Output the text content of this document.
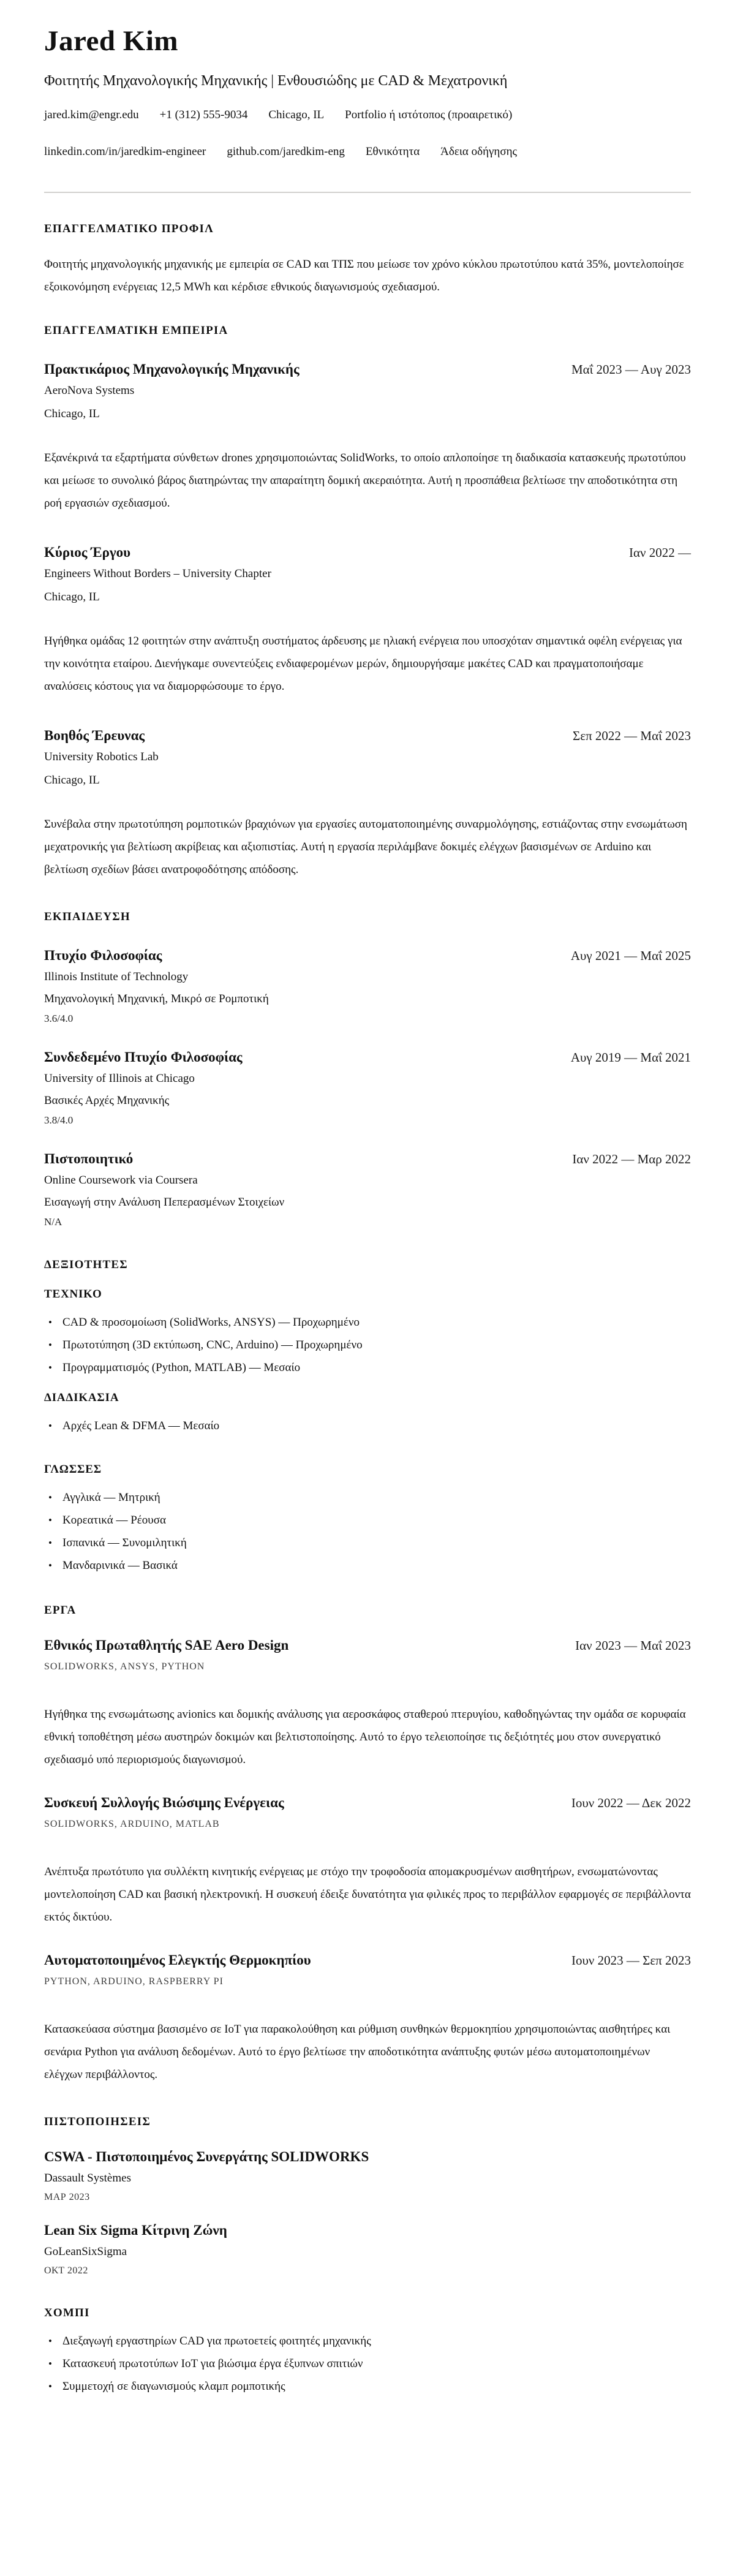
Jared Kim

Φοιτητής Μηχανολογικής Μηχανικής | Ενθουσιώδης με CAD & Μεχατρονική

jared.kim@engr.edu +1 (312) 555-9034 Chicago, IL Portfolio ή ιστότοπος (προαιρετικό)
linkedin.com/in/jaredkim-engineer github.com/jaredkim-eng Εθνικότητα Άδεια οδήγησης
ΕΠΑΓΓΕΛΜΑΤΙΚΟ ΠΡΟΦΙΛ

Φοιτητής μηχανολογικής μηχανικής με εμπειρία σε CAD και ΤΠΣ που μείωσε τον χρόνο κύκλου πρωτοτύπου κατά 35%, μοντελοποίησε εξοικονόμηση ενέργειας 12,5 MWh και κέρδισε εθνικούς διαγωνισμούς σχεδιασμού.

ΕΠΑΓΓΕΛΜΑΤΙΚΗ ΕΜΠΕΙΡΙΑ
Πρακτικάριος Μηχανολογικής Μηχανικής	Μαΐ 2023 — Αυγ 2023
AeroNova Systems
Chicago, IL

Εξανέκρινά τα εξαρτήματα σύνθετων drones χρησιμοποιώντας SolidWorks, το οποίο απλοποίησε τη διαδικασία κατασκευής πρωτοτύπου και μείωσε το συνολικό βάρος διατηρώντας την απαραίτητη δομική ακεραιότητα. Αυτή η προσπάθεια βελτίωσε την αποδοτικότητα στη ροή εργασιών σχεδιασμού.

Κύριος Έργου	Ιαν 2022 —
Engineers Without Borders – University Chapter
Chicago, IL

Ηγήθηκα ομάδας 12 φοιτητών στην ανάπτυξη συστήματος άρδευσης με ηλιακή ενέργεια που υποσχόταν σημαντικά οφέλη ενέργειας για την κοινότητα εταίρου. Διενήγκαμε συνεντεύξεις ενδιαφερομένων μερών, δημιουργήσαμε μακέτες CAD και πραγματοποιήσαμε αναλύσεις κόστους για να διαμορφώσουμε το έργο.

Βοηθός Έρευνας	Σεπ 2022 — Μαΐ 2023
University Robotics Lab
Chicago, IL

Συνέβαλα στην πρωτοτύπηση ρομποτικών βραχιόνων για εργασίες αυτοματοποιημένης συναρμολόγησης, εστιάζοντας στην ενσωμάτωση μεχατρονικής για βελτίωση ακρίβειας και αξιοπιστίας. Αυτή η εργασία περιλάμβανε δοκιμές ελέγχων βασισμένων σε Arduino και βελτίωση σχεδίων βάσει ανατροφοδότησης απόδοσης.

ΕΚΠΑΙΔΕΥΣΗ
Πτυχίο Φιλοσοφίας	Αυγ 2021 — Μαΐ 2025
Illinois Institute of Technology
Μηχανολογική Μηχανική, Μικρό σε Ρομποτική
3.6/4.0
Συνδεδεμένο Πτυχίο Φιλοσοφίας	Αυγ 2019 — Μαΐ 2021
University of Illinois at Chicago
Βασικές Αρχές Μηχανικής
3.8/4.0
Πιστοποιητικό	Ιαν 2022 — Μαρ 2022
Online Coursework via Coursera
Εισαγωγή στην Ανάλυση Πεπερασμένων Στοιχείων
N/A
ΔΕΞΙΟΤΗΤΕΣ
ΤΕΧΝΙΚΟ
• CAD & προσομοίωση (SolidWorks, ANSYS) — Προχωρημένο
• Πρωτοτύπηση (3D εκτύπωση, CNC, Arduino) — Προχωρημένο
• Προγραμματισμός (Python, MATLAB) — Μεσαίο
ΔΙΑΔΙΚΑΣΙΑ
• Αρχές Lean & DFMA — Μεσαίο
ΓΛΩΣΣΕΣ
• Αγγλικά — Μητρική
• Κορεατικά — Ρέουσα
• Ισπανικά — Συνομιλητική
• Μανδαρινικά — Βασικά
ΕΡΓΑ
Εθνικός Πρωταθλητής SAE Aero Design	Ιαν 2023 — Μαΐ 2023
SOLIDWORKS, ANSYS, PYTHON

Ηγήθηκα της ενσωμάτωσης avionics και δομικής ανάλυσης για αεροσκάφος σταθερού πτερυγίου, καθοδηγώντας την ομάδα σε κορυφαία εθνική τοποθέτηση μέσω αυστηρών δοκιμών και βελτιστοποίησης. Αυτό το έργο τελειοποίησε τις δεξιότητές μου στον συνεργατικό σχεδιασμό υπό περιορισμούς διαγωνισμού.

Συσκευή Συλλογής Βιώσιμης Ενέργειας	Ιουν 2022 — Δεκ 2022
SOLIDWORKS, ARDUINO, MATLAB

Ανέπτυξα πρωτότυπο για συλλέκτη κινητικής ενέργειας με στόχο την τροφοδοσία απομακρυσμένων αισθητήρων, ενσωματώνοντας μοντελοποίηση CAD και βασική ηλεκτρονική. Η συσκευή έδειξε δυνατότητα για φιλικές προς το περιβάλλον εφαρμογές σε περιβάλλοντα εκτός δικτύου.

Αυτοματοποιημένος Ελεγκτής Θερμοκηπίου	Ιουν 2023 — Σεπ 2023
PYTHON, ARDUINO, RASPBERRY PI

Κατασκεύασα σύστημα βασισμένο σε IoT για παρακολούθηση και ρύθμιση συνθηκών θερμοκηπίου χρησιμοποιώντας αισθητήρες και σενάρια Python για ανάλυση δεδομένων. Αυτό το έργο βελτίωσε την αποδοτικότητα ανάπτυξης φυτών μέσω αυτοματοποιημένων ελέγχων περιβάλλοντος.

ΠΙΣΤΟΠΟΙΗΣΕΙΣ
CSWA - Πιστοποιημένος Συνεργάτης SOLIDWORKS
Dassault Systèmes
ΜΑΡ 2023
Lean Six Sigma Κίτρινη Ζώνη
GoLeanSixSigma
ΟΚΤ 2022
ΧΟΜΠΙ
• Διεξαγωγή εργαστηρίων CAD για πρωτοετείς φοιτητές μηχανικής
• Κατασκευή πρωτοτύπων IoT για βιώσιμα έργα έξυπνων σπιτιών
• Συμμετοχή σε διαγωνισμούς κλαμπ ρομποτικής
